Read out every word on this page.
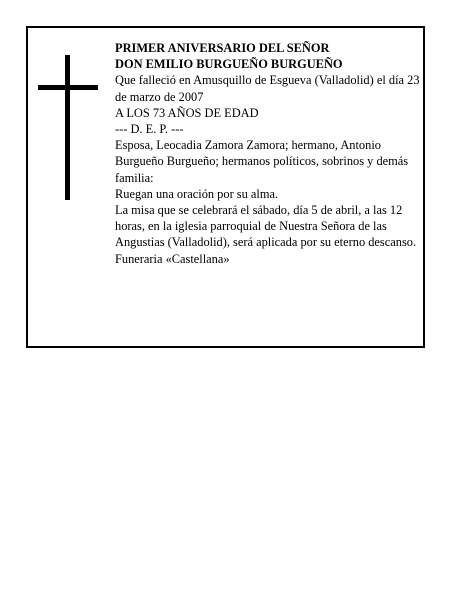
PRIMER ANIVERSARIO DEL SEÑOR

DON EMILIO BURGUEÑO BURGUEÑO

Que falleció en Amusquillo de Esgueva (Valladolid) el día 23 de marzo de 2007

A LOS 73 AÑOS DE EDAD

--- D. E. P. ---

Esposa, Leocadia Zamora Zamora; hermano, Antonio Burgueño Burgueño; hermanos políticos, sobrinos y demás familia:

Ruegan una oración por su alma.

La misa que se celebrará el sábado, día 5 de abril, a las 12 horas, en la iglesia parroquial de Nuestra Señora de las Angustias (Valladolid), será aplicada por su eterno descanso.

Funeraria «Castellana»
